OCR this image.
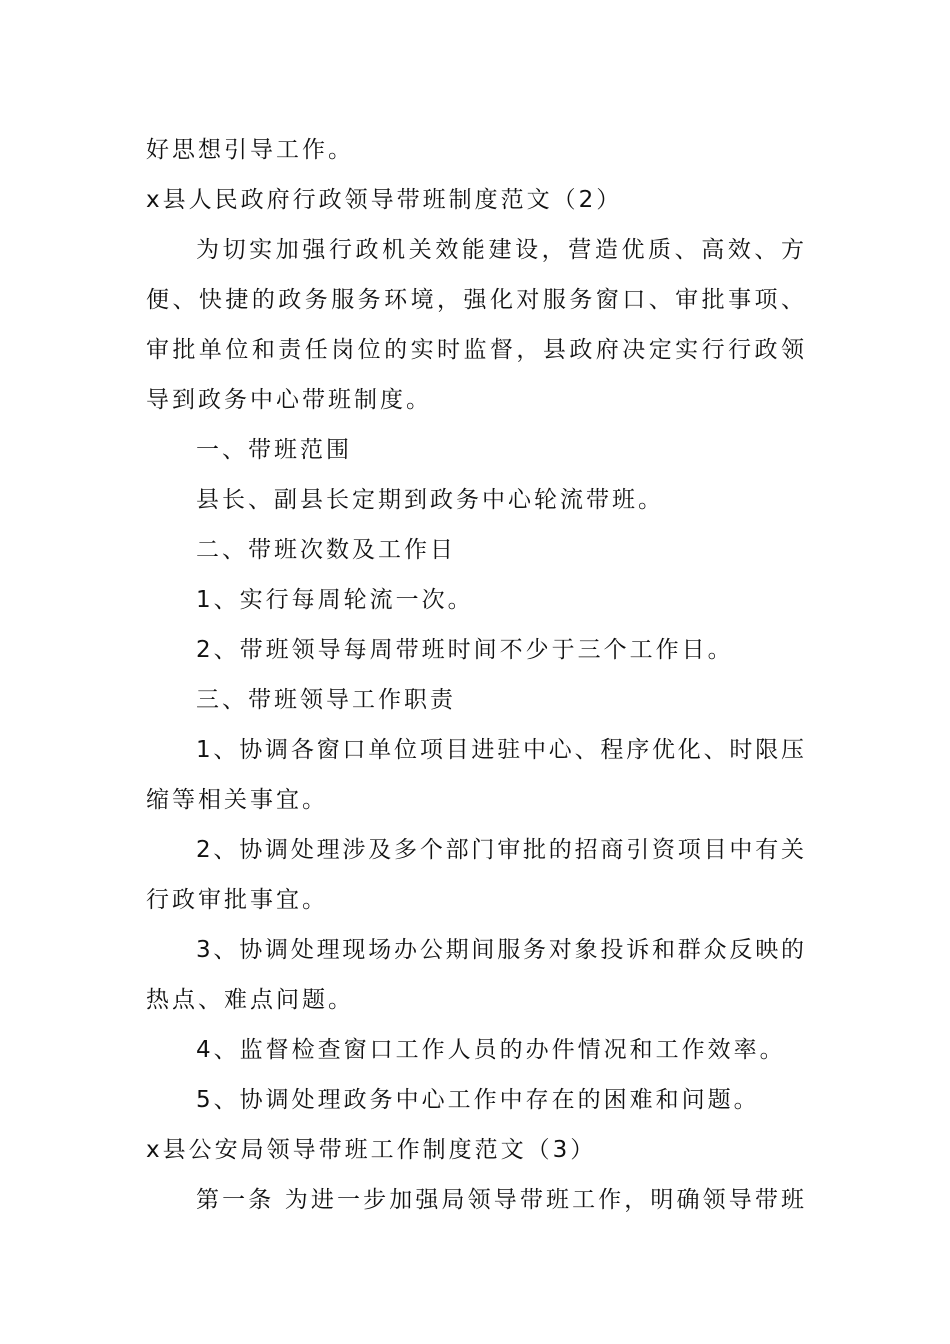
好思想引导工作。
x县人民政府行政领导带班制度范文（2）
为切实加强行政机关效能建设，营造优质、高效、方
便、快捷的政务服务环境，强化对服务窗口、审批事项、
审批单位和责任岗位的实时监督，县政府决定实行行政领
导到政务中心带班制度。
一、带班范围
县长、副县长定期到政务中心轮流带班。
二、带班次数及工作日
1、实行每周轮流一次。
2、带班领导每周带班时间不少于三个工作日。
三、带班领导工作职责
1、协调各窗口单位项目进驻中心、程序优化、时限压
缩等相关事宜。
2、协调处理涉及多个部门审批的招商引资项目中有关
行政审批事宜。
3、协调处理现场办公期间服务对象投诉和群众反映的
热点、难点问题。
4、监督检查窗口工作人员的办件情况和工作效率。
5、协调处理政务中心工作中存在的困难和问题。
x县公安局领导带班工作制度范文（3）
第一条 为进一步加强局领导带班工作，明确领导带班
